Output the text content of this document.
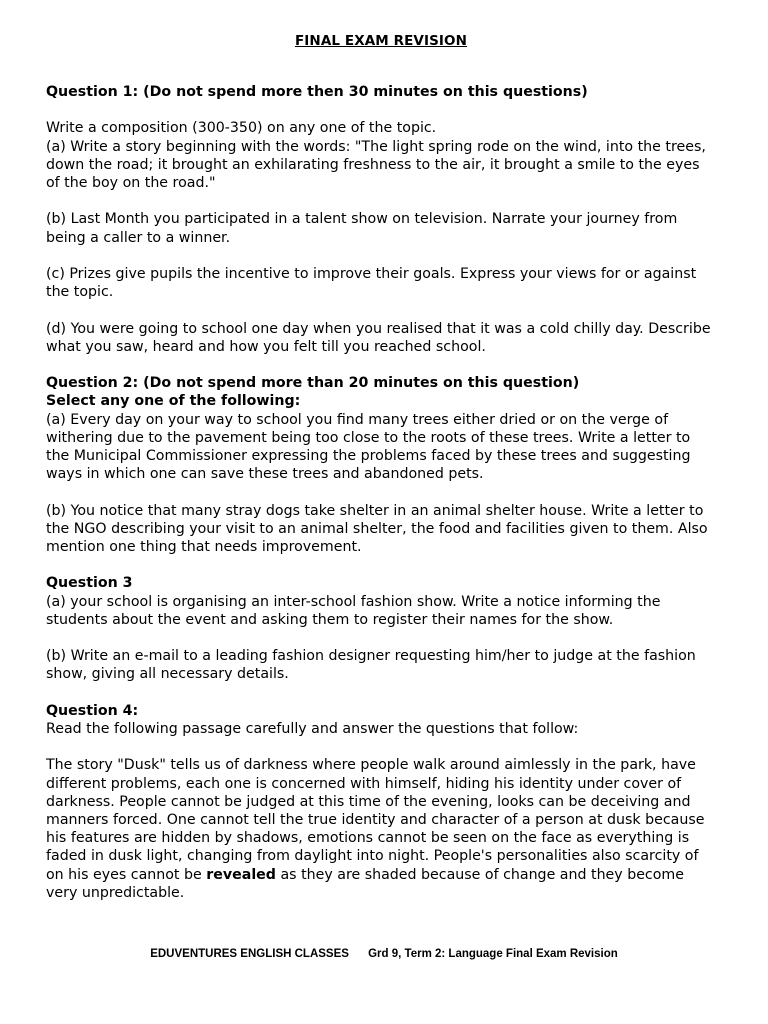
FINAL EXAM REVISION

Question 1: (Do not spend more then 30 minutes on this questions)

Write a composition (300-350) on any one of the topic.

(a) Write a story beginning with the words: "The light spring rode on the wind, into the trees, down the road; it brought an exhilarating freshness to the air, it brought a smile to the eyes of the boy on the road."

(b) Last Month you participated in a talent show on television. Narrate your journey from being a caller to a winner.

(c) Prizes give pupils the incentive to improve their goals. Express your views for or against the topic.

(d) You were going to school one day when you realised that it was a cold chilly day. Describe what you saw, heard and how you felt till you reached school.

Question 2: (Do not spend more than 20 minutes on this question)

Select any one of the following:

(a) Every day on your way to school you find many trees either dried or on the verge of withering due to the pavement being too close to the roots of these trees. Write a letter to the Municipal Commissioner expressing the problems faced by these trees and suggesting ways in which one can save these trees and abandoned pets.

(b) You notice that many stray dogs take shelter in an animal shelter house. Write a letter to the NGO describing your visit to an animal shelter, the food and facilities given to them. Also mention one thing that needs improvement.

Question 3

(a) your school is organising an inter-school fashion show. Write a notice informing the students about the event and asking them to register their names for the show.

(b) Write an e-mail to a leading fashion designer requesting him/her to judge at the fashion show, giving all necessary details.

Question 4:

Read the following passage carefully and answer the questions that follow:

The story "Dusk" tells us of darkness where people walk around aimlessly in the park, have different problems, each one is concerned with himself, hiding his identity under cover of darkness. People cannot be judged at this time of the evening, looks can be deceiving and manners forced. One cannot tell the true identity and character of a person at dusk because his features are hidden by shadows, emotions cannot be seen on the face as everything is faded in dusk light, changing from daylight into night. People's personalities also scarcity of on his eyes cannot be revealed as they are shaded because of change and they become very unpredictable.

EDUVENTURES ENGLISH CLASSES Grd 9, Term 2: Language Final Exam Revision
